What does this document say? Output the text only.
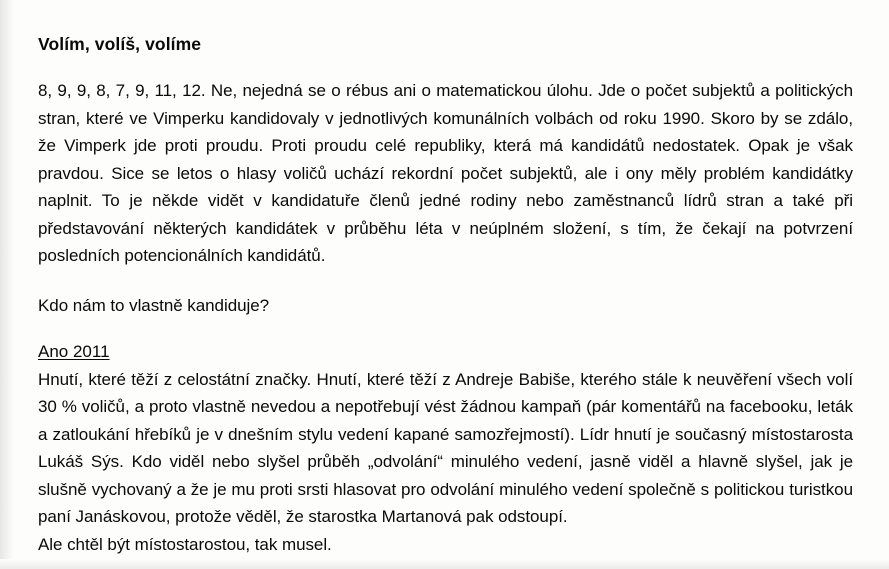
Volím, volíš, volíme

8, 9, 9, 8, 7, 9, 11, 12. Ne, nejedná se o rébus ani o matematickou úlohu. Jde o počet subjektů a politických stran, které ve Vimperku kandidovaly v jednotlivých komunálních volbách od roku 1990. Skoro by se zdálo, že Vimperk jde proti proudu. Proti proudu celé republiky, která má kandidátů nedostatek. Opak je však pravdou. Sice se letos o hlasy voličů uchází rekordní počet subjektů, ale i ony měly problém kandidátky naplnit. To je někde vidět v kandidatuře členů jedné rodiny nebo zaměstnanců lídrů stran a také při představování některých kandidátek v průběhu léta v neúplném složení, s tím, že čekají na potvrzení posledních potencionálních kandidátů.

Kdo nám to vlastně kandiduje?

Ano 2011

Hnutí, které těží z celostátní značky. Hnutí, které těží z Andreje Babiše, kterého stále k neuvěření všech volí 30 % voličů, a proto vlastně nevedou a nepotřebují vést žádnou kampaň (pár komentářů na facebooku, leták a zatloukání hřebíků je v dnešním stylu vedení kapané samozřejmostí). Lídr hnutí je současný místostarosta Lukáš Sýs. Kdo viděl nebo slyšel průběh „odvolání“ minulého vedení, jasně viděl a hlavně slyšel, jak je slušně vychovaný a že je mu proti srsti hlasovat pro odvolání minulého vedení společně s politickou turistkou paní Janáskovou, protože věděl, že starostka Martanová pak odstoupí.

Ale chtěl být místostarostou, tak musel.
